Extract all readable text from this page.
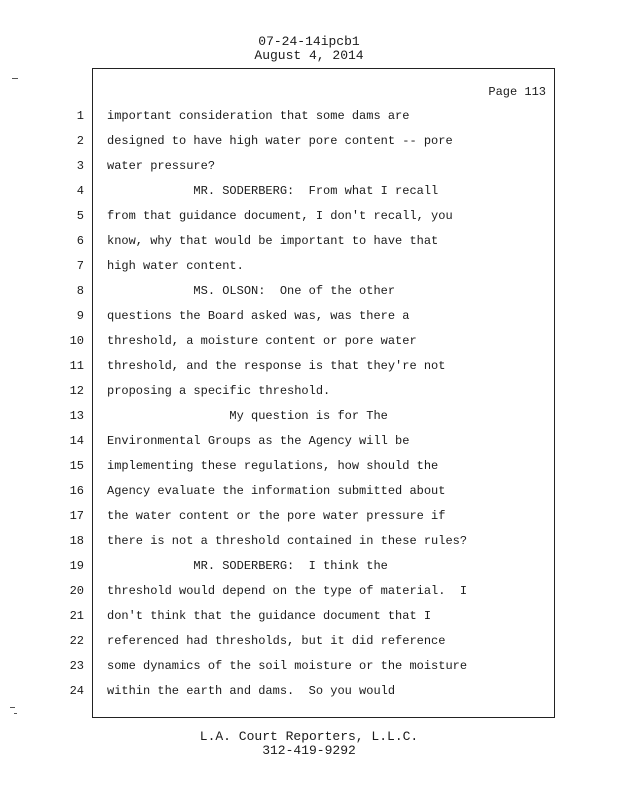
07-24-14ipcb1
August 4, 2014
Page 113
1 important consideration that some dams are
2 designed to have high water pore content -- pore
3 water pressure?
4 MR. SODERBERG:  From what I recall
5 from that guidance document, I don't recall, you
6 know, why that would be important to have that
7 high water content.
8 MS. OLSON:  One of the other
9 questions the Board asked was, was there a
10 threshold, a moisture content or pore water
11 threshold, and the response is that they're not
12 proposing a specific threshold.
13 My question is for The
14 Environmental Groups as the Agency will be
15 implementing these regulations, how should the
16 Agency evaluate the information submitted about
17 the water content or the pore water pressure if
18 there is not a threshold contained in these rules?
19 MR. SODERBERG:  I think the
20 threshold would depend on the type of material.  I
21 don't think that the guidance document that I
22 referenced had thresholds, but it did reference
23 some dynamics of the soil moisture or the moisture
24 within the earth and dams.  So you would
L.A. Court Reporters, L.L.C.
312-419-9292
